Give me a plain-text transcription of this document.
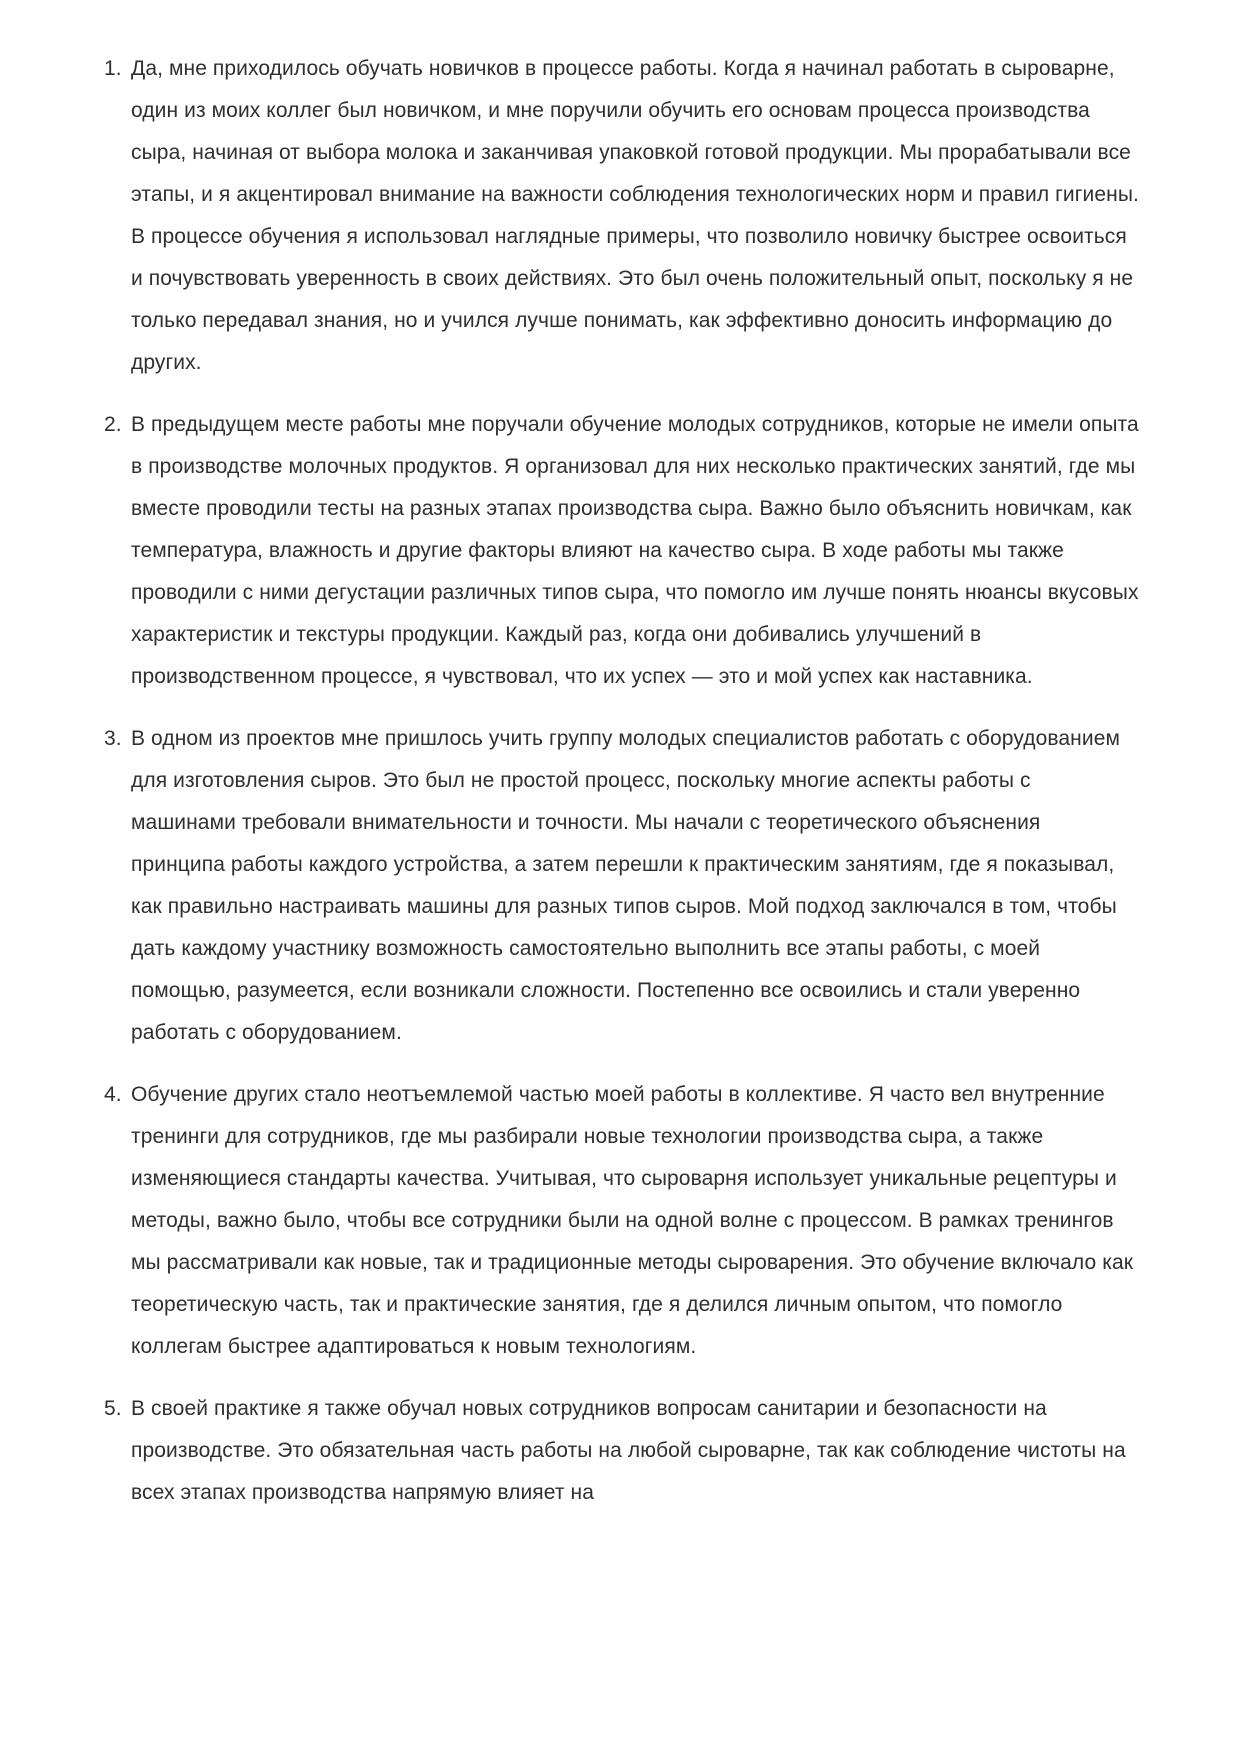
1. Да, мне приходилось обучать новичков в процессе работы. Когда я начинал работать в сыроварне, один из моих коллег был новичком, и мне поручили обучить его основам процесса производства сыра, начиная от выбора молока и заканчивая упаковкой готовой продукции. Мы прорабатывали все этапы, и я акцентировал внимание на важности соблюдения технологических норм и правил гигиены. В процессе обучения я использовал наглядные примеры, что позволило новичку быстрее освоиться и почувствовать уверенность в своих действиях. Это был очень положительный опыт, поскольку я не только передавал знания, но и учился лучше понимать, как эффективно доносить информацию до других.
2. В предыдущем месте работы мне поручали обучение молодых сотрудников, которые не имели опыта в производстве молочных продуктов. Я организовал для них несколько практических занятий, где мы вместе проводили тесты на разных этапах производства сыра. Важно было объяснить новичкам, как температура, влажность и другие факторы влияют на качество сыра. В ходе работы мы также проводили с ними дегустации различных типов сыра, что помогло им лучше понять нюансы вкусовых характеристик и текстуры продукции. Каждый раз, когда они добивались улучшений в производственном процессе, я чувствовал, что их успех — это и мой успех как наставника.
3. В одном из проектов мне пришлось учить группу молодых специалистов работать с оборудованием для изготовления сыров. Это был не простой процесс, поскольку многие аспекты работы с машинами требовали внимательности и точности. Мы начали с теоретического объяснения принципа работы каждого устройства, а затем перешли к практическим занятиям, где я показывал, как правильно настраивать машины для разных типов сыров. Мой подход заключался в том, чтобы дать каждому участнику возможность самостоятельно выполнить все этапы работы, с моей помощью, разумеется, если возникали сложности. Постепенно все освоились и стали уверенно работать с оборудованием.
4. Обучение других стало неотъемлемой частью моей работы в коллективе. Я часто вел внутренние тренинги для сотрудников, где мы разбирали новые технологии производства сыра, а также изменяющиеся стандарты качества. Учитывая, что сыроварня использует уникальные рецептуры и методы, важно было, чтобы все сотрудники были на одной волне с процессом. В рамках тренингов мы рассматривали как новые, так и традиционные методы сыроварения. Это обучение включало как теоретическую часть, так и практические занятия, где я делился личным опытом, что помогло коллегам быстрее адаптироваться к новым технологиям.
5. В своей практике я также обучал новых сотрудников вопросам санитарии и безопасности на производстве. Это обязательная часть работы на любой сыроварне, так как соблюдение чистоты на всех этапах производства напрямую влияет на
